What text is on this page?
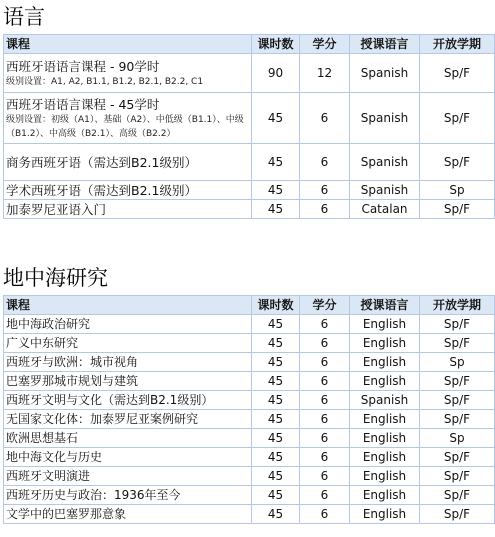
语言
课程	课时数	学分	授课语言	开放学期

西班牙语语言课程 - 90学时
级别设置：A1, A2, B1.1, B1.2, B2.1, B2.2, C1	90	12	Spanish	Sp/F

西班牙语语言课程 - 45学时
级别设置：初级（A1）、基础（A2）、中低级（B1.1）、中级（B1.2）、中高级（B2.1）、高级（B2.2）	45	6	Spanish	Sp/F

商务西班牙语（需达到B2.1级别）	45	6	Spanish	Sp/F

学术西班牙语（需达到B2.1级别）	45	6	Spanish	Sp

加泰罗尼亚语入门	45	6	Catalan	Sp/F
地中海研究
课程	课时数	学分	授课语言	开放学期
地中海政治研究	45	6	English	Sp/F
广义中东研究	45	6	English	Sp/F
西班牙与欧洲：城市视角	45	6	English	Sp
巴塞罗那城市规划与建筑	45	6	English	Sp/F
西班牙文明与文化（需达到B2.1级别）	45	6	Spanish	Sp/F
无国家文化体：加泰罗尼亚案例研究	45	6	English	Sp/F
欧洲思想基石	45	6	English	Sp
地中海文化与历史	45	6	English	Sp/F
西班牙文明演进	45	6	English	Sp/F
西班牙历史与政治：1936年至今	45	6	English	Sp/F
文学中的巴塞罗那意象	45	6	English	Sp/F
